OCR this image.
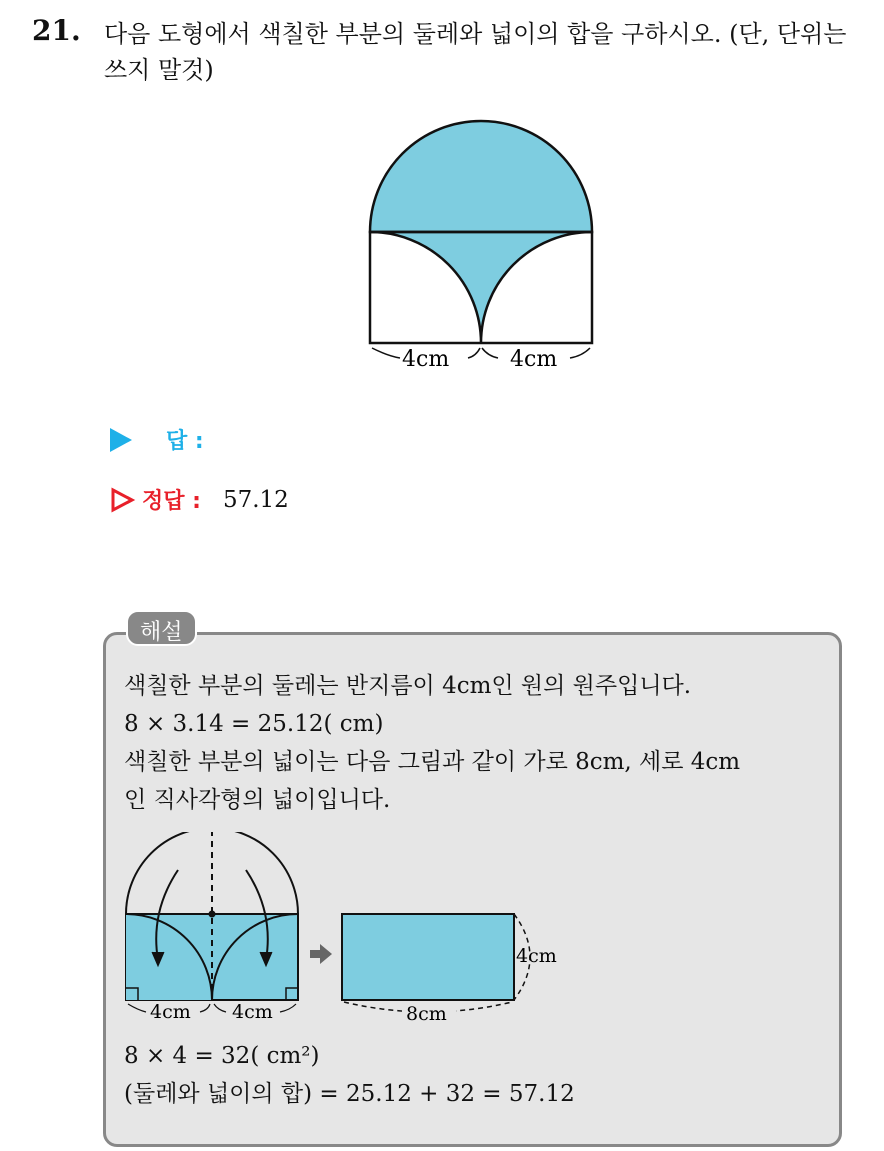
21. 다음 도형에서 색칠한 부분의 둘레와 넓이의 합을 구하시오. (단, 단위는 쓰지 말것)
4cm	4cm
답 :
정답 : 57.12
해설
색칠한 부분의 둘레는 반지름이 4cm인 원의 원주입니다.
8 × 3.14 = 25.12( cm)
색칠한 부분의 넓이는 다음 그림과 같이 가로 8cm, 세로 4cm
인 직사각형의 넓이입니다.
4cm 4cm
4cm
8cm
8 × 4 = 32( cm²)
(둘레와 넓이의 합) = 25.12 + 32 = 57.12
